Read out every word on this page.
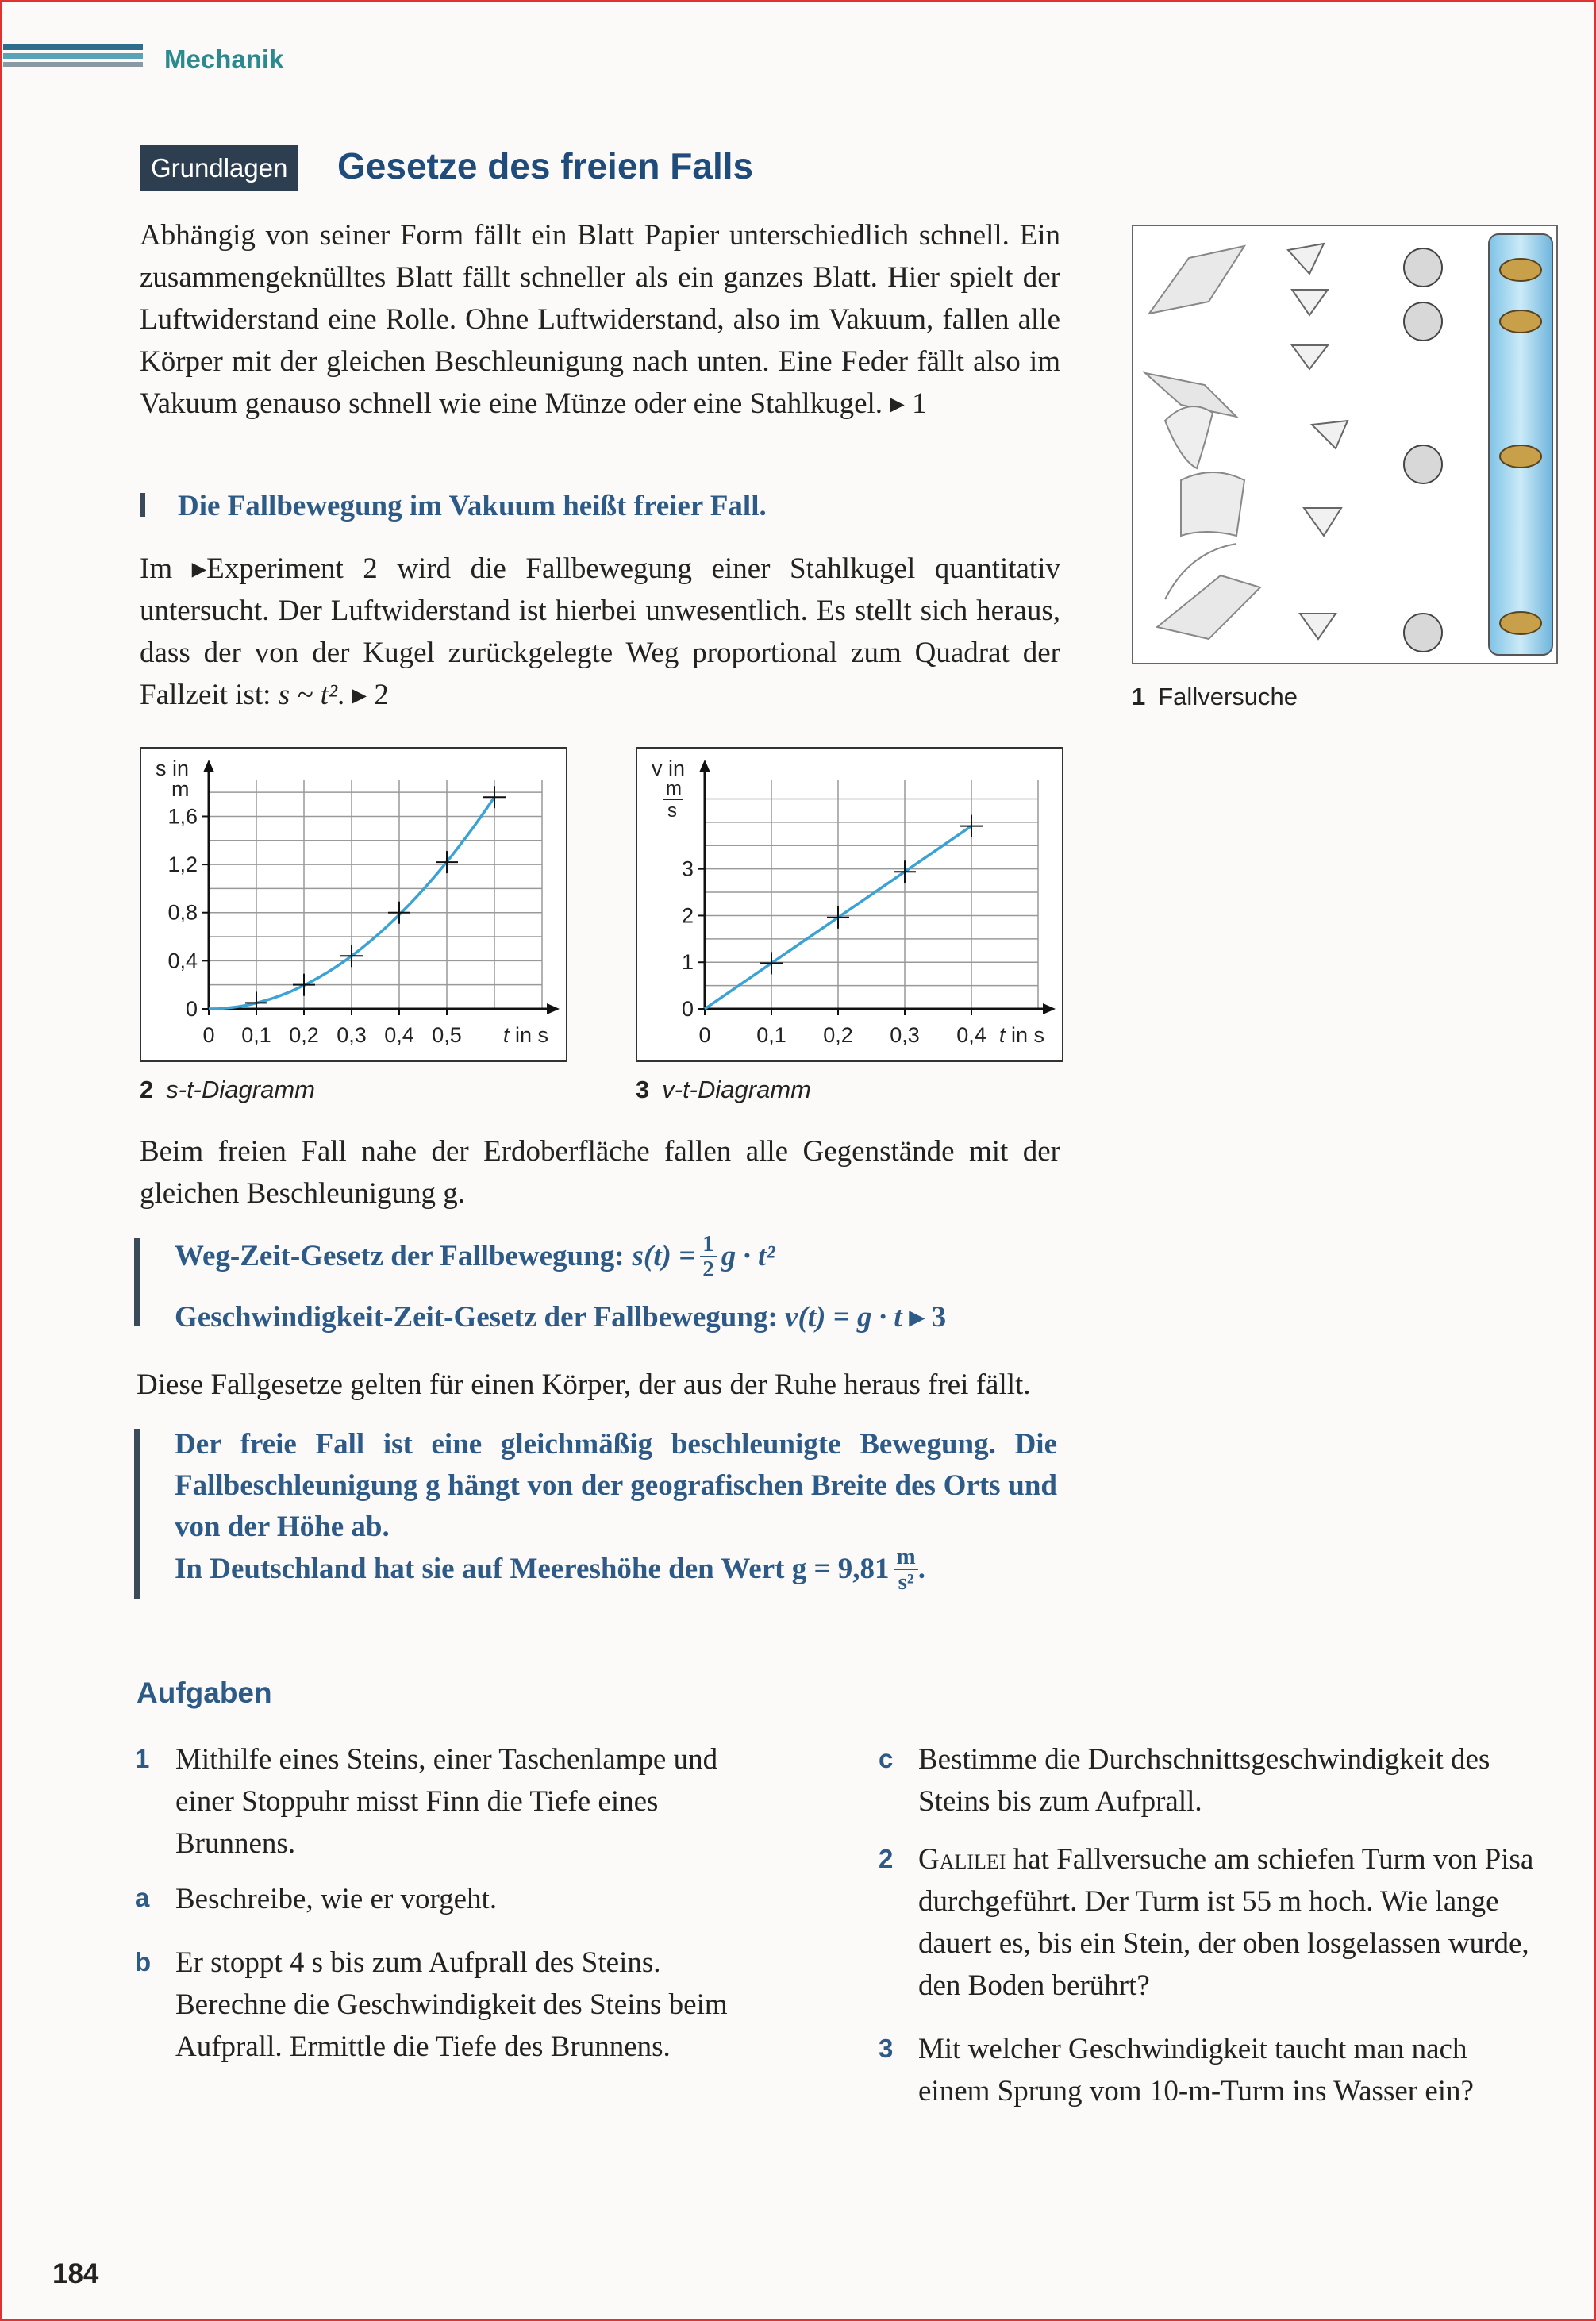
Mechanik
Grundlagen	Gesetze des freien Falls

Abhängig von seiner Form fällt ein Blatt Papier unterschiedlich schnell. Ein zusammengeknülltes Blatt fällt schneller als ein ganzes Blatt. Hier spielt der Luftwiderstand eine Rolle. Ohne Luftwiderstand, also im Vakuum, fallen alle Körper mit der gleichen Beschleunigung nach unten. Eine Feder fällt also im Vakuum genauso schnell wie eine Münze oder eine Stahlkugel. ▸ 1

Die Fallbewegung im Vakuum heißt freier Fall.

Im ▸Experiment 2 wird die Fallbewegung einer Stahlkugel quantitativ untersucht. Der Luftwiderstand ist hierbei unwesentlich. Es stellt sich heraus, dass der von der Kugel zurückgelegte Weg proportional zum Quadrat der Fallzeit ist: s ~ t². ▸ 2	1 Fallversuche
0 0,1 0,2 0,3 0,4 0,5
0
0,4
0,8
1,2
1,6
t in s
s in
m
2 s-t-Diagramm
0 0,1 0,2 0,3 0,4
0
1
2
3
t in s
v in
m
s
3 v-t-Diagramm

Beim freien Fall nahe der Erdoberfläche fallen alle Gegenstände mit der gleichen Beschleunigung g.

Weg-Zeit-Gesetz der Fallbewegung: $s(t) = \frac{1}{2}$ g · t²
Geschwindigkeit-Zeit-Gesetz der Fallbewegung: v(t) = g · t ▸ 3

Diese Fallgesetze gelten für einen Körper, der aus der Ruhe heraus frei fällt.

Der freie Fall ist eine gleichmäßig beschleunigte Bewegung. Die Fallbeschleunigung g hängt von der geografischen Breite des Orts und von der Höhe ab.

In Deutschland hat sie auf Meereshöhe den Wert $g = 9,81 \frac{m}{\text{s²}}$ .
Aufgaben
1 Mithilfe eines Steins, einer Taschenlampe und einer Stoppuhr misst Finn die Tiefe eines Brunnens.

a Beschreibe, wie er vorgeht.

b Er stoppt 4 s bis zum Aufprall des Steins. Berechne die Geschwindigkeit des Steins beim Aufprall. Ermittle die Tiefe des Brunnens.

c Bestimme die Durchschnittsgeschwindigkeit des Steins bis zum Aufprall.

2 Galilei hat Fallversuche am schiefen Turm von Pisa durchgeführt. Der Turm ist 55 m hoch. Wie lange dauert es, bis ein Stein, der oben losgelassen wurde, den Boden berührt?

3 Mit welcher Geschwindigkeit taucht man nach einem Sprung vom 10-m-Turm ins Wasser ein?

184
